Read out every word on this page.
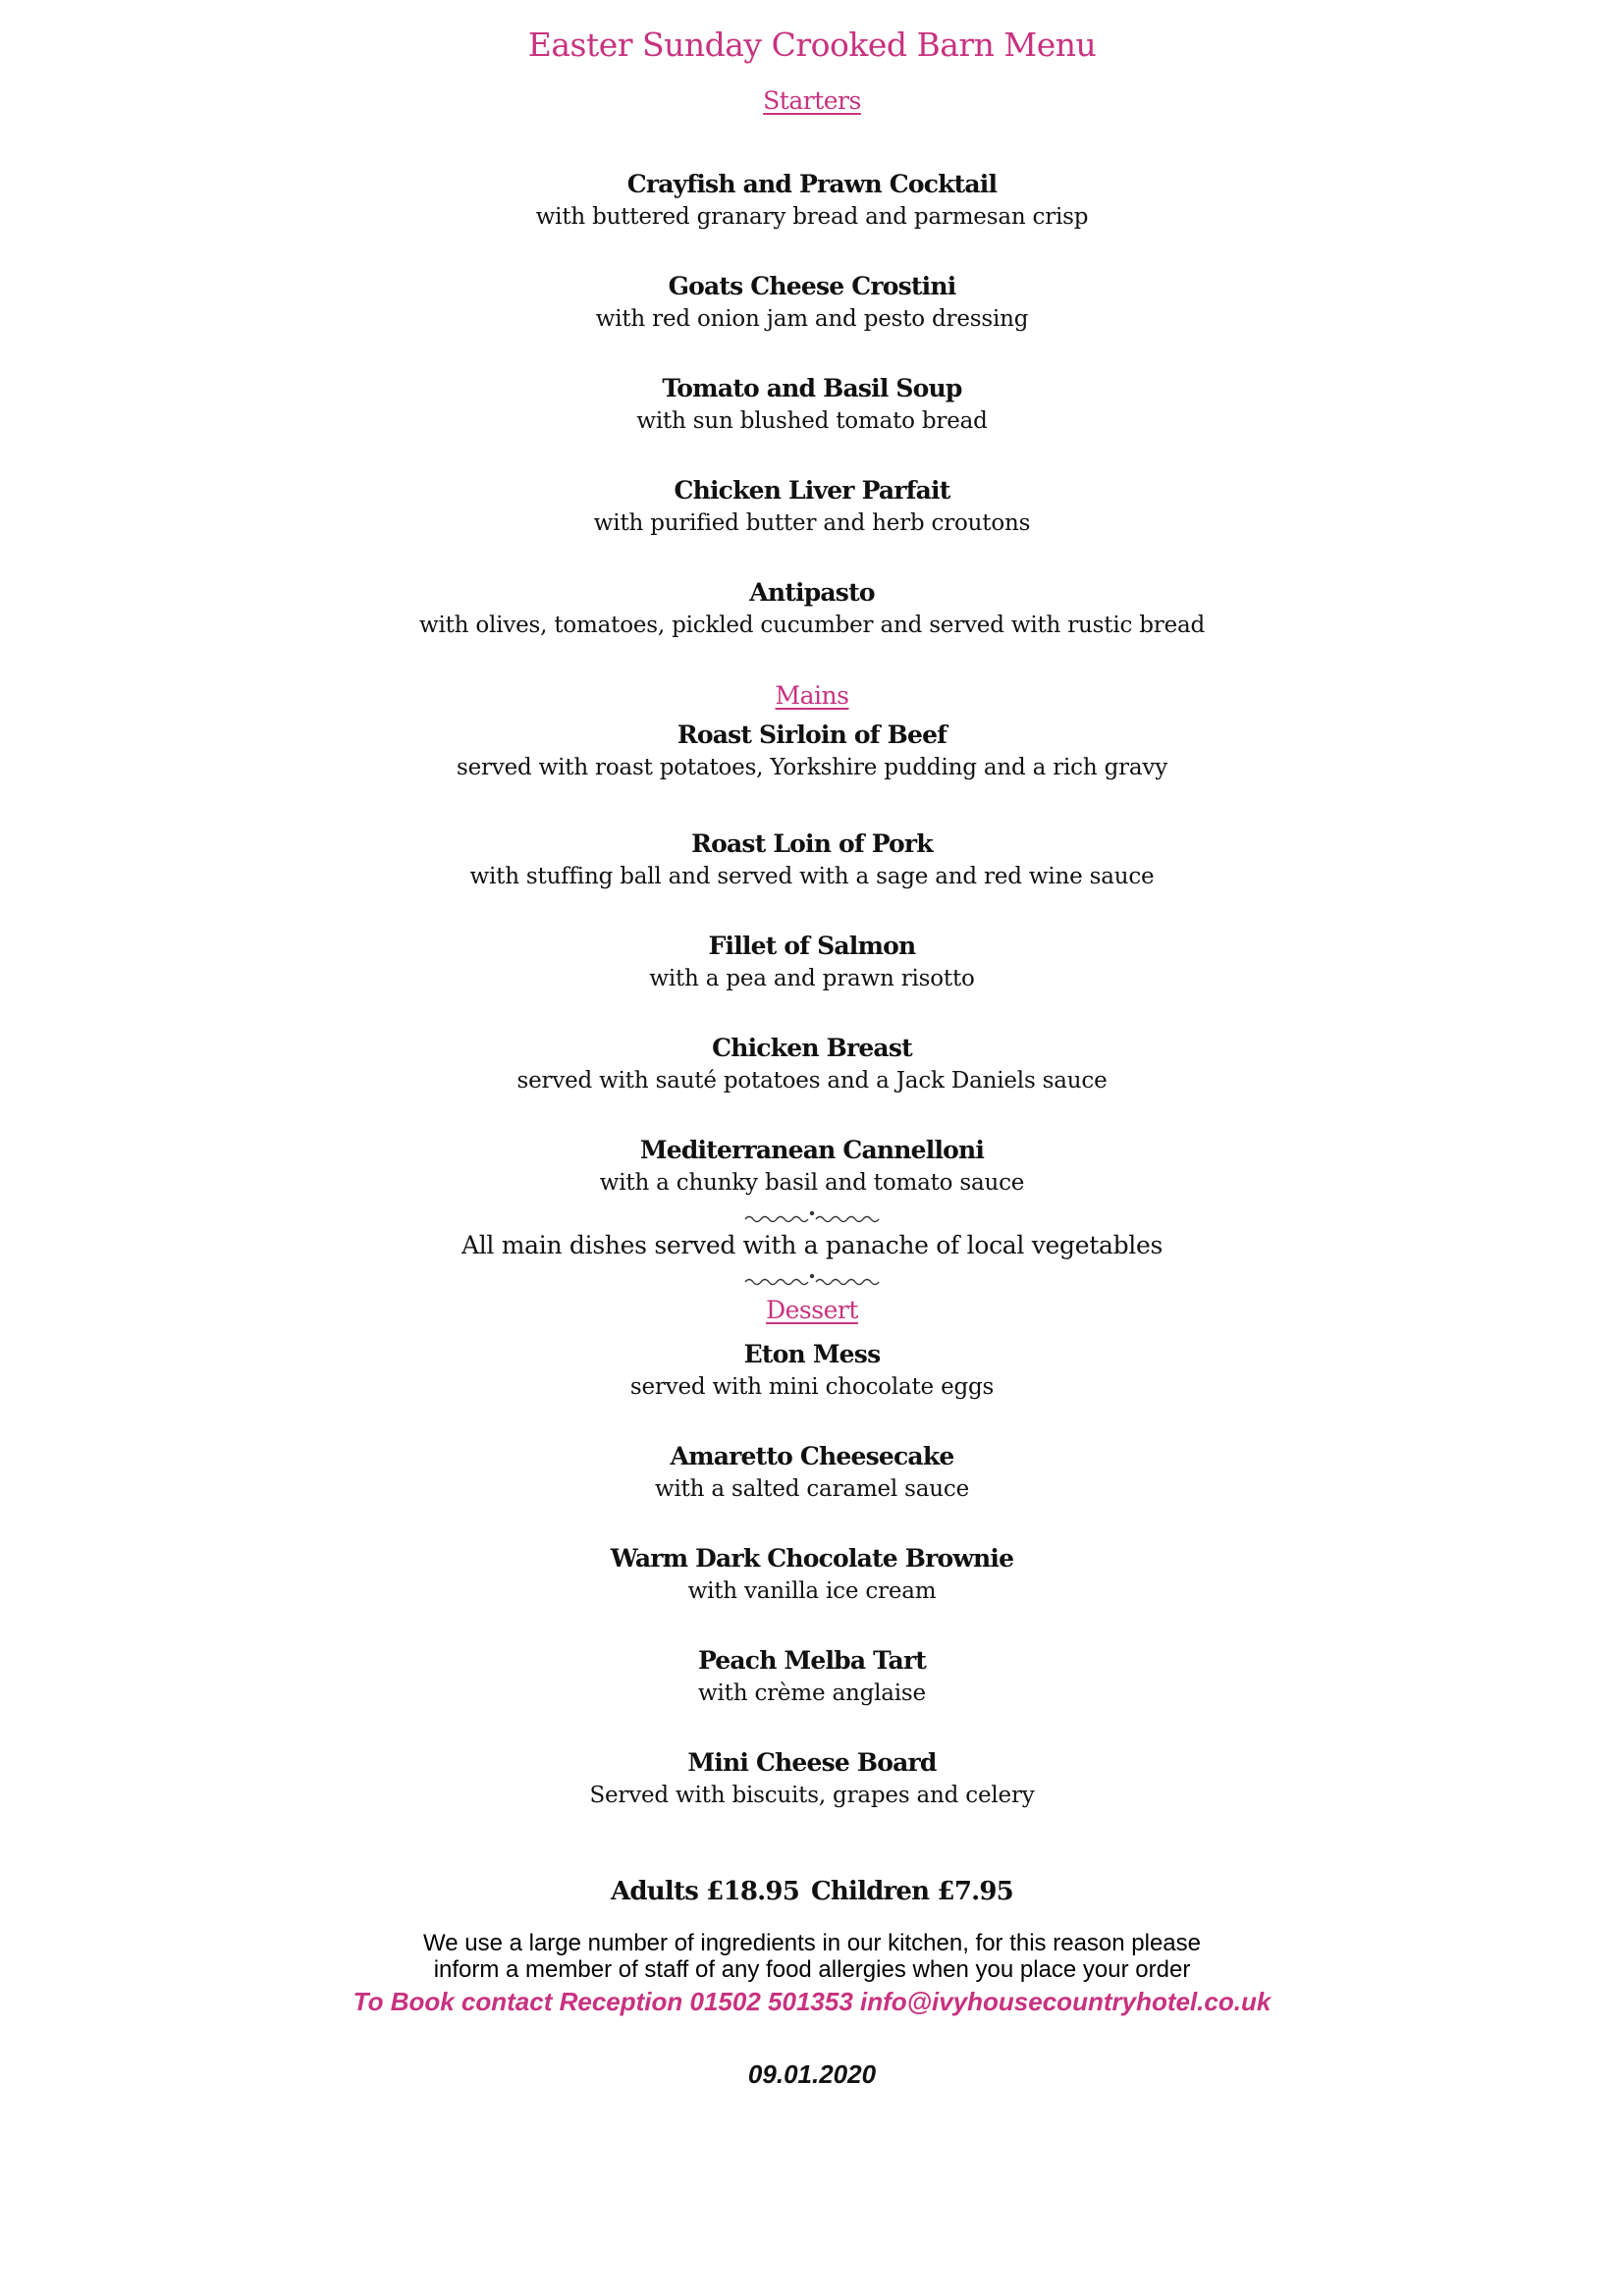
Easter Sunday Crooked Barn Menu
Starters
Crayfish and Prawn Cocktail
with buttered granary bread and parmesan crisp
Goats Cheese Crostini
with red onion jam and pesto dressing
Tomato and Basil Soup
with sun blushed tomato bread
Chicken Liver Parfait
with purified butter and herb croutons
Antipasto
with olives, tomatoes, pickled cucumber and served with rustic bread
Mains
Roast Sirloin of Beef
served with roast potatoes, Yorkshire pudding and a rich gravy
Roast Loin of Pork
with stuffing ball and served with a sage and red wine sauce
Fillet of Salmon
with a pea and prawn risotto
Chicken Breast
served with sauté potatoes and a Jack Daniels sauce
Mediterranean Cannelloni
with a chunky basil and tomato sauce
All main dishes served with a panache of local vegetables
Dessert
Eton Mess
served with mini chocolate eggs
Amaretto Cheesecake
with a salted caramel sauce
Warm Dark Chocolate Brownie
with vanilla ice cream
Peach Melba Tart
with crème anglaise
Mini Cheese Board
Served with biscuits, grapes and celery
Adults £18.95 Children £7.95
We use a large number of ingredients in our kitchen, for this reason please
inform a member of staff of any food allergies when you place your order
To Book contact Reception 01502 501353 info@ivyhousecountryhotel.co.uk
09.01.2020
